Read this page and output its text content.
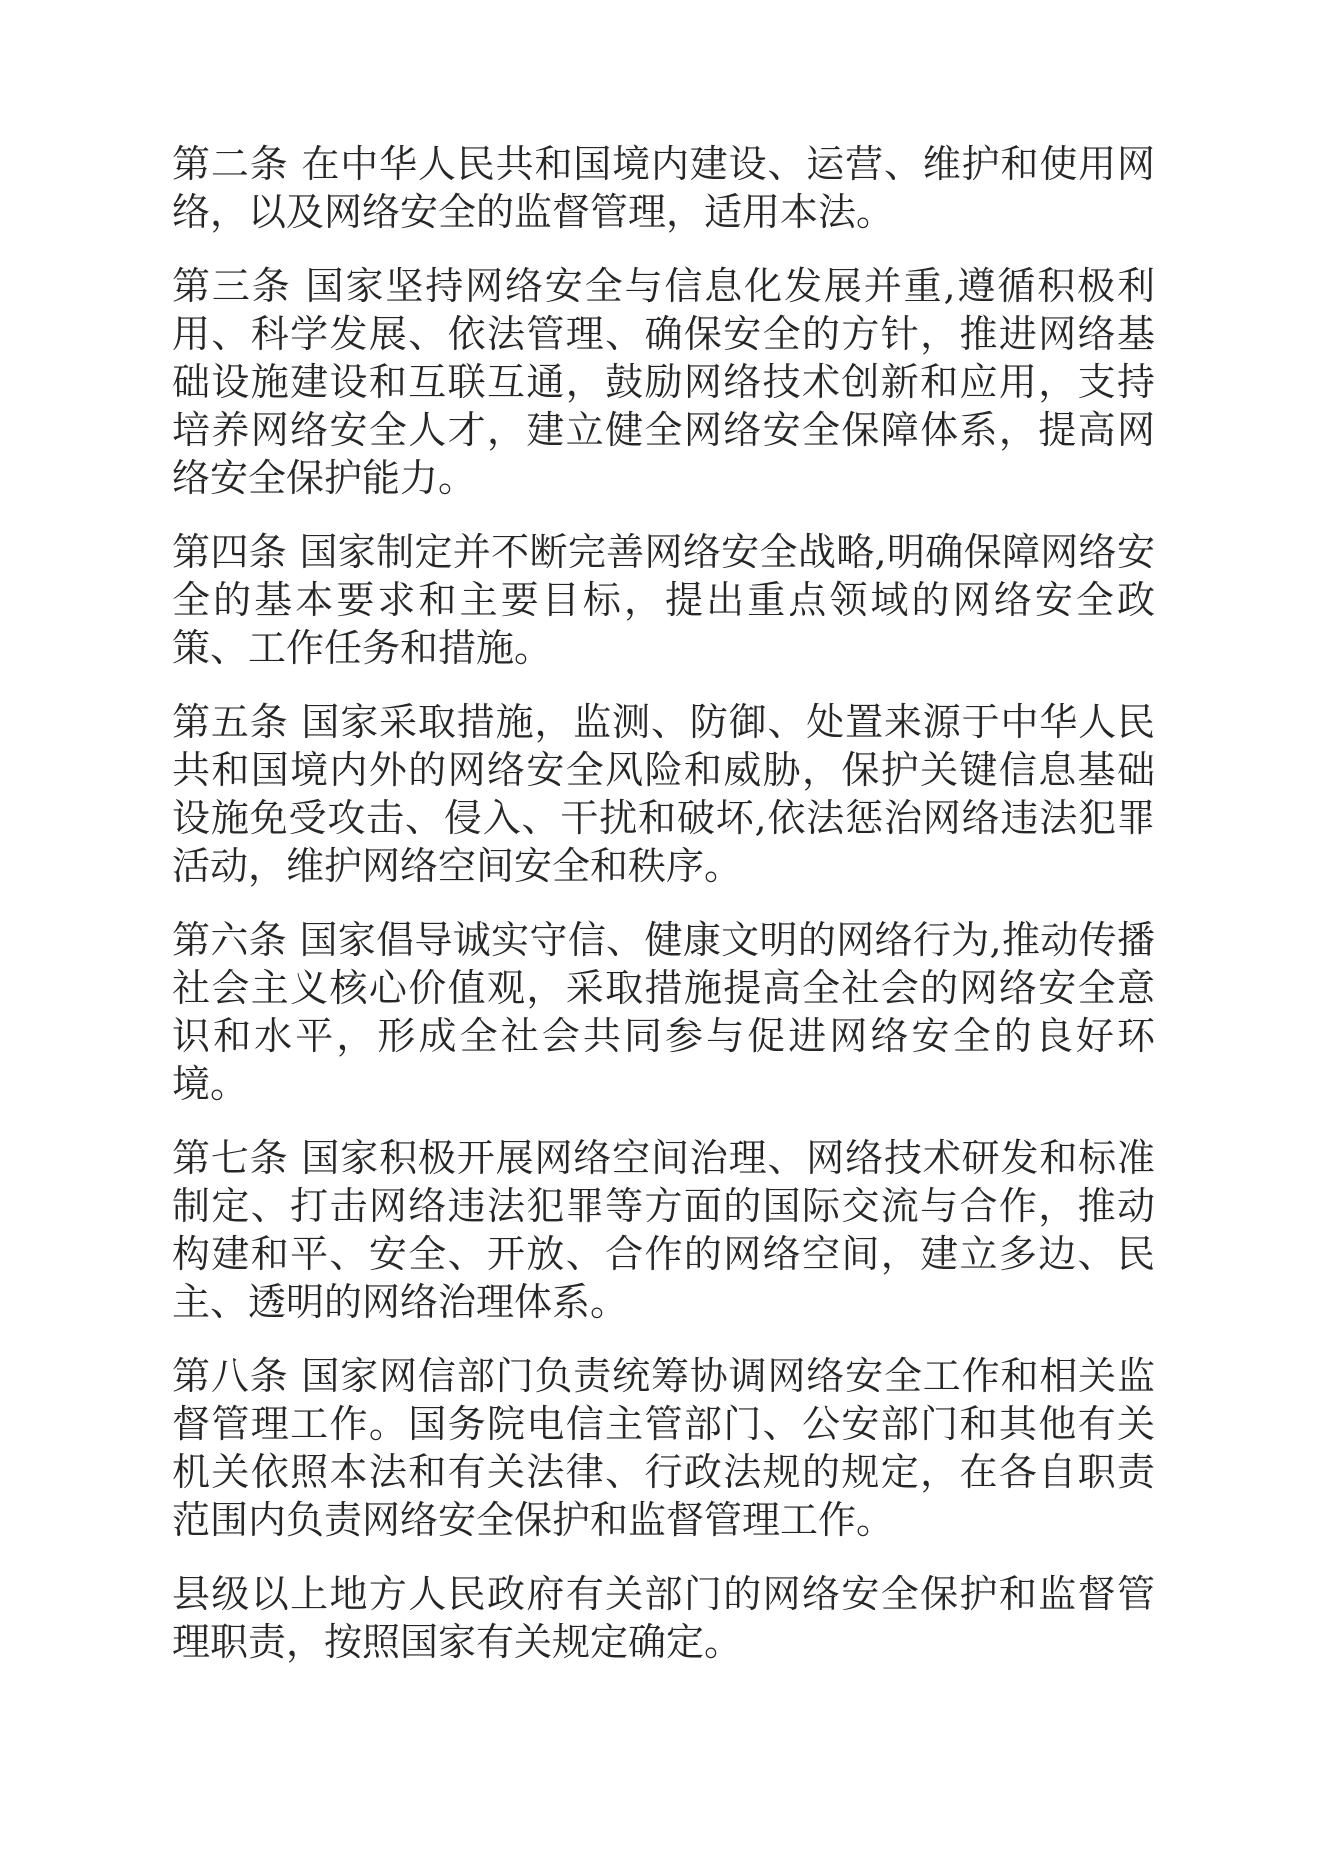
第二条 在中华人民共和国境内建设、运营、维护和使用网络，以及网络安全的监督管理，适用本法。

第三条 国家坚持网络安全与信息化发展并重,遵循积极利用、科学发展、依法管理、确保安全的方针，推进网络基础设施建设和互联互通，鼓励网络技术创新和应用，支持培养网络安全人才，建立健全网络安全保障体系，提高网络安全保护能力。

第四条 国家制定并不断完善网络安全战略,明确保障网络安全的基本要求和主要目标，提出重点领域的网络安全政策、工作任务和措施。

第五条 国家采取措施，监测、防御、处置来源于中华人民共和国境内外的网络安全风险和威胁，保护关键信息基础设施免受攻击、侵入、干扰和破坏,依法惩治网络违法犯罪活动，维护网络空间安全和秩序。

第六条 国家倡导诚实守信、健康文明的网络行为,推动传播社会主义核心价值观，采取措施提高全社会的网络安全意识和水平，形成全社会共同参与促进网络安全的良好环境。

第七条 国家积极开展网络空间治理、网络技术研发和标准制定、打击网络违法犯罪等方面的国际交流与合作，推动构建和平、安全、开放、合作的网络空间，建立多边、民主、透明的网络治理体系。

第八条 国家网信部门负责统筹协调网络安全工作和相关监督管理工作。国务院电信主管部门、公安部门和其他有关机关依照本法和有关法律、行政法规的规定，在各自职责范围内负责网络安全保护和监督管理工作。

县级以上地方人民政府有关部门的网络安全保护和监督管理职责，按照国家有关规定确定。
